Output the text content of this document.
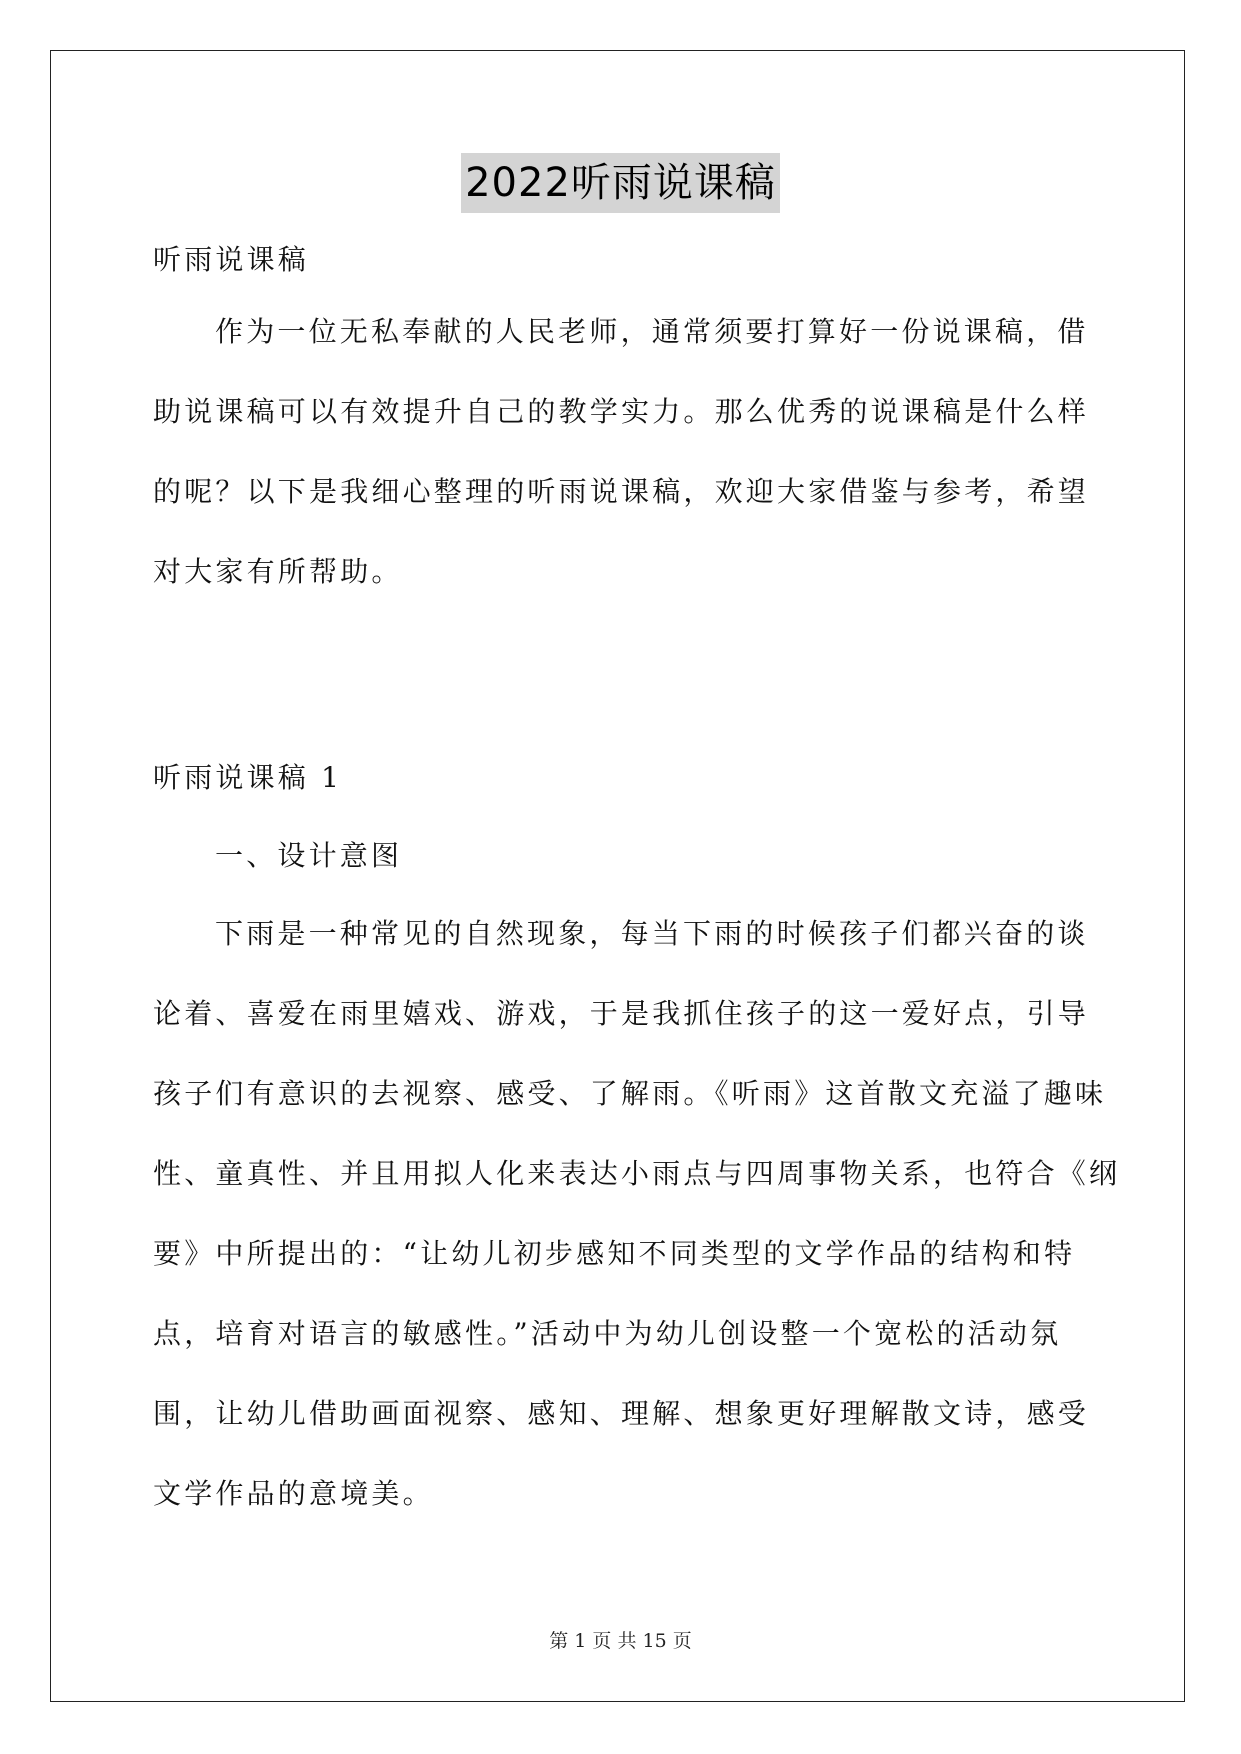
2022听雨说课稿

听雨说课稿

作为一位无私奉献的人民老师，通常须要打算好一份说课稿，借
助说课稿可以有效提升自己的教学实力。那么优秀的说课稿是什么样
的呢？以下是我细心整理的听雨说课稿，欢迎大家借鉴与参考，希望
对大家有所帮助。

听雨说课稿 1

一、设计意图

下雨是一种常见的自然现象，每当下雨的时候孩子们都兴奋的谈
论着、喜爱在雨里嬉戏、游戏，于是我抓住孩子的这一爱好点，引导
孩子们有意识的去视察、感受、了解雨。《听雨》这首散文充溢了趣味
性、童真性、并且用拟人化来表达小雨点与四周事物关系，也符合《纲
要》中所提出的：“让幼儿初步感知不同类型的文学作品的结构和特
点，培育对语言的敏感性。”活动中为幼儿创设整一个宽松的活动氛
围，让幼儿借助画面视察、感知、理解、想象更好理解散文诗，感受
文学作品的意境美。
第 1 页 共 15 页
